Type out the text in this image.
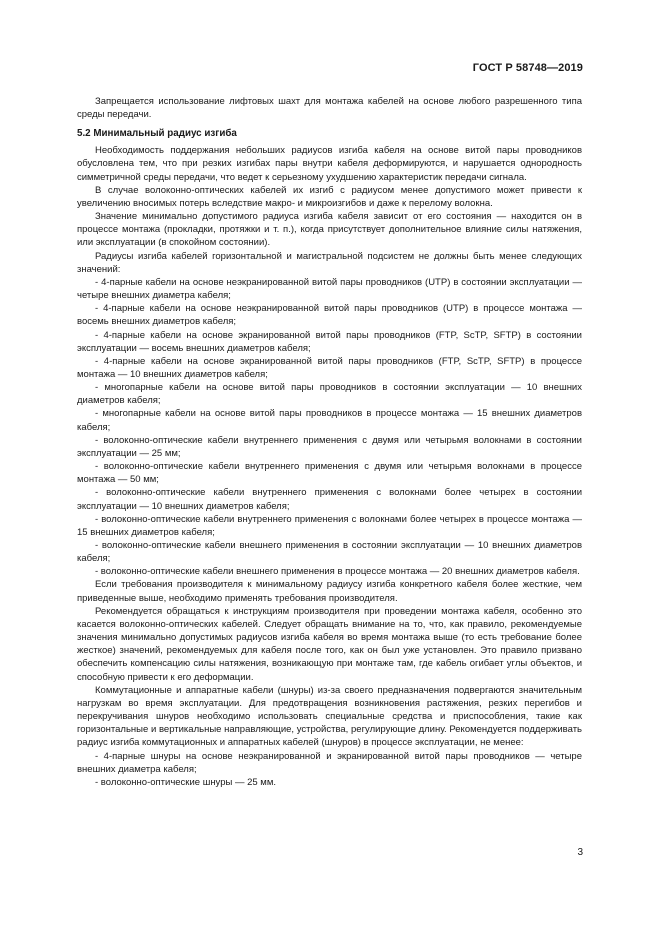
ГОСТ Р 58748—2019

Запрещается использование лифтовых шахт для монтажа кабелей на основе любого разрешенного типа среды передачи.

5.2 Минимальный радиус изгиба

Необходимость поддержания небольших радиусов изгиба кабеля на основе витой пары проводников обусловлена тем, что при резких изгибах пары внутри кабеля деформируются, и нарушается однородность симметричной среды передачи, что ведет к серьезному ухудшению характеристик передачи сигнала.

В случае волоконно-оптических кабелей их изгиб с радиусом менее допустимого может привести к увеличению вносимых потерь вследствие макро- и микроизгибов и даже к перелому волокна.

Значение минимально допустимого радиуса изгиба кабеля зависит от его состояния — находится он в процессе монтажа (прокладки, протяжки и т. п.), когда присутствует дополнительное влияние силы натяжения, или эксплуатации (в спокойном состоянии).

Радиусы изгиба кабелей горизонтальной и магистральной подсистем не должны быть менее следующих значений:

- 4-парные кабели на основе неэкранированной витой пары проводников (UTP) в состоянии эксплуатации — четыре внешних диаметра кабеля;

- 4-парные кабели на основе неэкранированной витой пары проводников (UTP) в процессе монтажа — восемь внешних диаметров кабеля;

- 4-парные кабели на основе экранированной витой пары проводников (FTP, ScTP, SFTP) в состоянии эксплуатации — восемь внешних диаметров кабеля;

- 4-парные кабели на основе экранированной витой пары проводников (FTP, ScTP, SFTP) в процессе монтажа — 10 внешних диаметров кабеля;

- многопарные кабели на основе витой пары проводников в состоянии эксплуатации — 10 внешних диаметров кабеля;

- многопарные кабели на основе витой пары проводников в процессе монтажа — 15 внешних диаметров кабеля;

- волоконно-оптические кабели внутреннего применения с двумя или четырьмя волокнами в состоянии эксплуатации — 25 мм;

- волоконно-оптические кабели внутреннего применения с двумя или четырьмя волокнами в процессе монтажа — 50 мм;

- волоконно-оптические кабели внутреннего применения с волокнами более четырех в состоянии эксплуатации — 10 внешних диаметров кабеля;

- волоконно-оптические кабели внутреннего применения с волокнами более четырех в процессе монтажа — 15 внешних диаметров кабеля;

- волоконно-оптические кабели внешнего применения в состоянии эксплуатации — 10 внешних диаметров кабеля;

- волоконно-оптические кабели внешнего применения в процессе монтажа — 20 внешних диаметров кабеля.

Если требования производителя к минимальному радиусу изгиба конкретного кабеля более жесткие, чем приведенные выше, необходимо применять требования производителя.

Рекомендуется обращаться к инструкциям производителя при проведении монтажа кабеля, особенно это касается волоконно-оптических кабелей. Следует обращать внимание на то, что, как правило, рекомендуемые значения минимально допустимых радиусов изгиба кабеля во время монтажа выше (то есть требование более жесткое) значений, рекомендуемых для кабеля после того, как он был уже установлен. Это правило призвано обеспечить компенсацию силы натяжения, возникающую при монтаже там, где кабель огибает углы объектов, и способную привести к его деформации.

Коммутационные и аппаратные кабели (шнуры) из-за своего предназначения подвергаются значительным нагрузкам во время эксплуатации. Для предотвращения возникновения растяжения, резких перегибов и перекручивания шнуров необходимо использовать специальные средства и приспособления, такие как горизонтальные и вертикальные направляющие, устройства, регулирующие длину. Рекомендуется поддерживать радиус изгиба коммутационных и аппаратных кабелей (шнуров) в процессе эксплуатации, не менее:

- 4-парные шнуры на основе неэкранированной и экранированной витой пары проводников — четыре внешних диаметра кабеля;

- волоконно-оптические шнуры — 25 мм.

3
